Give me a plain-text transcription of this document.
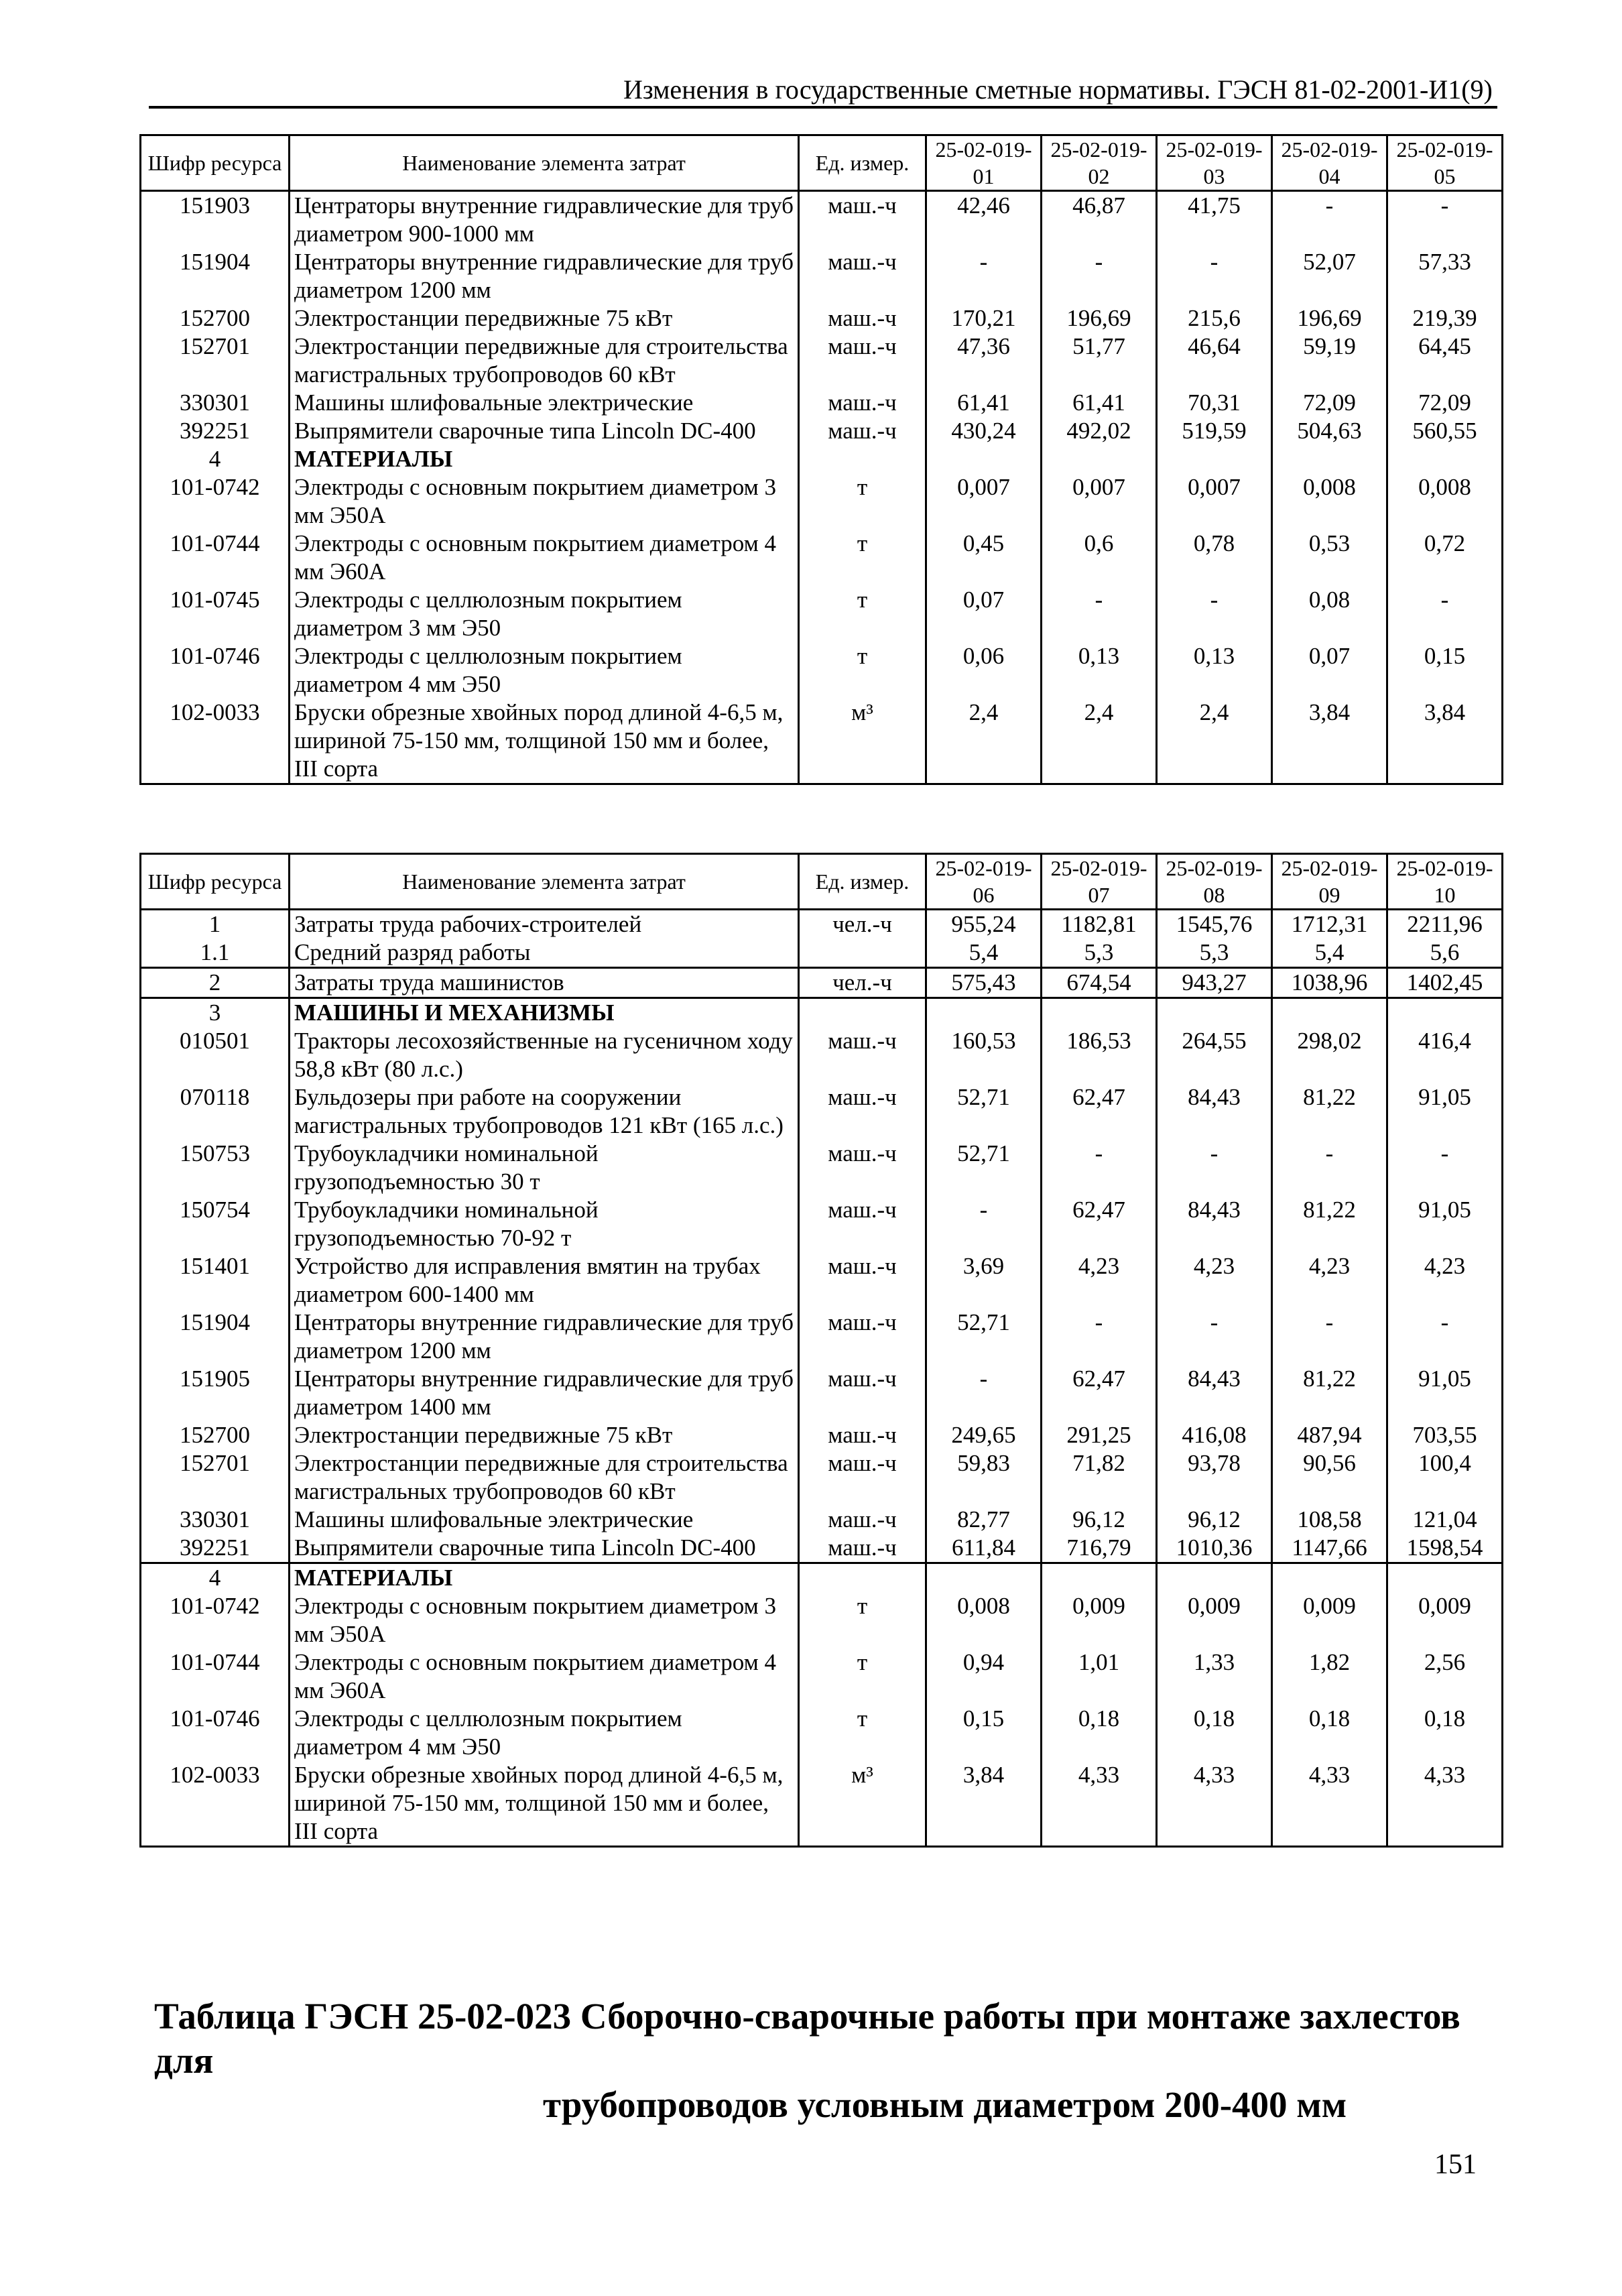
Изменения в государственные сметные нормативы. ГЭСН 81-02-2001-И1(9)
Шифр ресурса	Наименование элемента затрат	Ед. измер.	25-02-019-01	25-02-019-02	25-02-019-03	25-02-019-04	25-02-019-05
151903	Центраторы внутренние гидравлические для труб диаметром 900-1000 мм	маш.-ч	42,46	46,87	41,75	-	-
151904	Центраторы внутренние гидравлические для труб диаметром 1200 мм	маш.-ч	-	-	-	52,07	57,33
152700	Электростанции передвижные 75 кВт	маш.-ч	170,21	196,69	215,6	196,69	219,39
152701	Электростанции передвижные для строительства магистральных трубопроводов 60 кВт	маш.-ч	47,36	51,77	46,64	59,19	64,45
330301	Машины шлифовальные электрические	маш.-ч	61,41	61,41	70,31	72,09	72,09
392251	Выпрямители сварочные типа Lincoln DC-400	маш.-ч	430,24	492,02	519,59	504,63	560,55
4	МАТЕРИАЛЫ						
101-0742	Электроды с основным покрытием диаметром 3 мм Э50А	т	0,007	0,007	0,007	0,008	0,008
101-0744	Электроды с основным покрытием диаметром 4 мм Э60А	т	0,45	0,6	0,78	0,53	0,72
101-0745	Электроды с целлюлозным покрытием диаметром 3 мм Э50	т	0,07	-	-	0,08	-
101-0746	Электроды с целлюлозным покрытием диаметром 4 мм Э50	т	0,06	0,13	0,13	0,07	0,15
102-0033	Бруски обрезные хвойных пород длиной 4-6,5 м, шириной 75-150 мм, толщиной 150 мм и более, III сорта	м³	2,4	2,4	2,4	3,84	3,84
Шифр ресурса	Наименование элемента затрат	Ед. измер.	25-02-019-06	25-02-019-07	25-02-019-08	25-02-019-09	25-02-019-10
1	Затраты труда рабочих-строителей	чел.-ч	955,24	1182,81	1545,76	1712,31	2211,96
1.1	Средний разряд работы		5,4	5,3	5,3	5,4	5,6
2	Затраты труда машинистов	чел.-ч	575,43	674,54	943,27	1038,96	1402,45
3	МАШИНЫ И МЕХАНИЗМЫ						
010501	Тракторы лесохозяйственные на гусеничном ходу 58,8 кВт (80 л.с.)	маш.-ч	160,53	186,53	264,55	298,02	416,4
070118	Бульдозеры при работе на сооружении магистральных трубопроводов 121 кВт (165 л.с.)	маш.-ч	52,71	62,47	84,43	81,22	91,05
150753	Трубоукладчики номинальной грузоподъемностью 30 т	маш.-ч	52,71	-	-	-	-
150754	Трубоукладчики номинальной грузоподъемностью 70-92 т	маш.-ч	-	62,47	84,43	81,22	91,05
151401	Устройство для исправления вмятин на трубах диаметром 600-1400 мм	маш.-ч	3,69	4,23	4,23	4,23	4,23
151904	Центраторы внутренние гидравлические для труб диаметром 1200 мм	маш.-ч	52,71	-	-	-	-
151905	Центраторы внутренние гидравлические для труб диаметром 1400 мм	маш.-ч	-	62,47	84,43	81,22	91,05
152700	Электростанции передвижные 75 кВт	маш.-ч	249,65	291,25	416,08	487,94	703,55
152701	Электростанции передвижные для строительства магистральных трубопроводов 60 кВт	маш.-ч	59,83	71,82	93,78	90,56	100,4
330301	Машины шлифовальные электрические	маш.-ч	82,77	96,12	96,12	108,58	121,04
392251	Выпрямители сварочные типа Lincoln DC-400	маш.-ч	611,84	716,79	1010,36	1147,66	1598,54
4	МАТЕРИАЛЫ						
101-0742	Электроды с основным покрытием диаметром 3 мм Э50А	т	0,008	0,009	0,009	0,009	0,009
101-0744	Электроды с основным покрытием диаметром 4 мм Э60А	т	0,94	1,01	1,33	1,82	2,56
101-0746	Электроды с целлюлозным покрытием диаметром 4 мм Э50	т	0,15	0,18	0,18	0,18	0,18
102-0033	Бруски обрезные хвойных пород длиной 4-6,5 м, шириной 75-150 мм, толщиной 150 мм и более, III сорта	м³	3,84	4,33	4,33	4,33	4,33
Таблица ГЭСН 25-02-023 Сборочно-сварочные работы при монтаже захлестов для
трубопроводов условным диаметром 200-400 мм
151
